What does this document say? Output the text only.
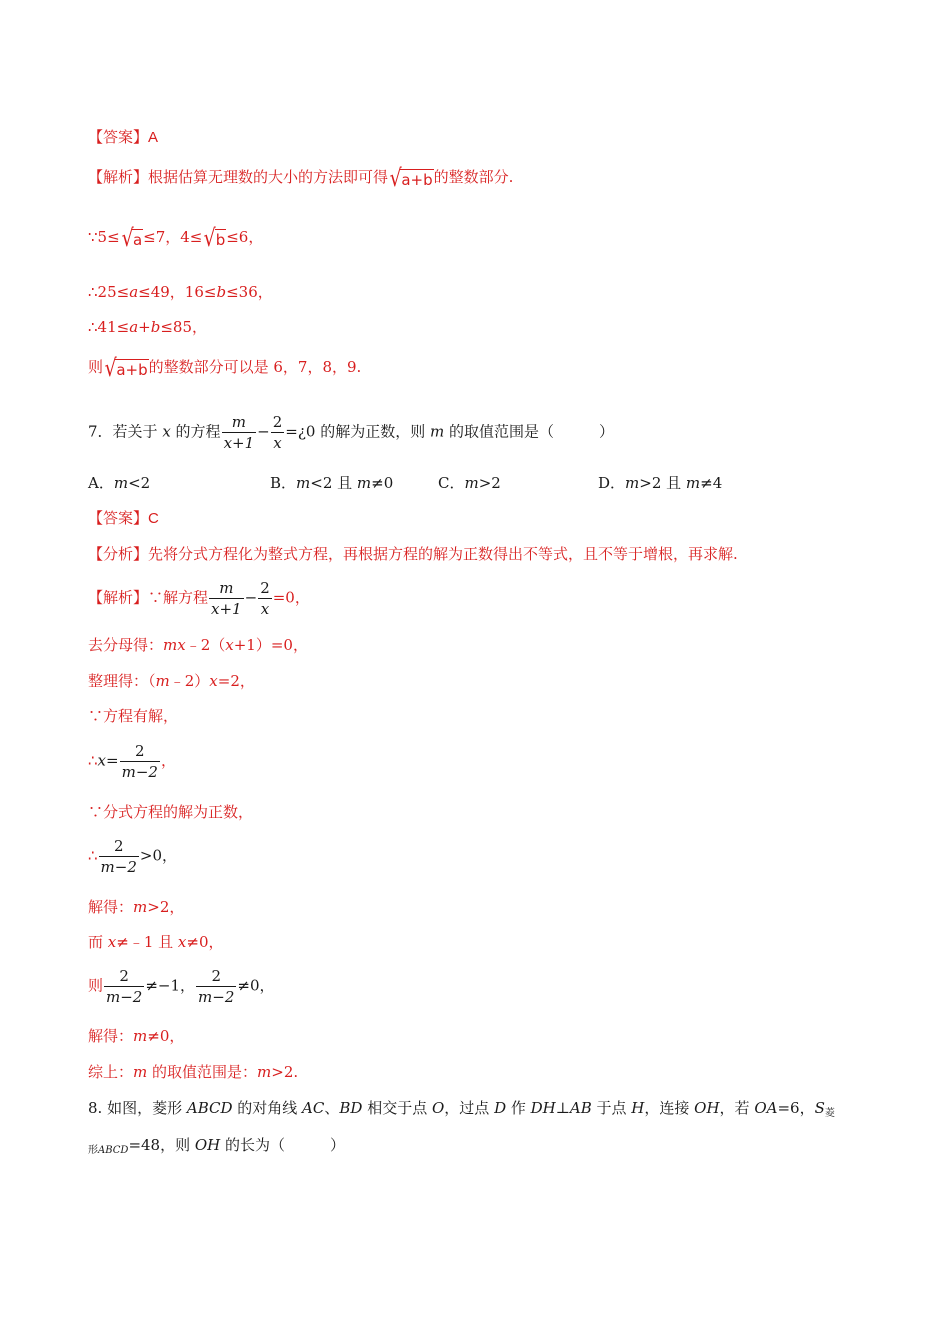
【答案】A
【解析】根据估算无理数的大小的方法即可得√a+b的整数部分.
∵5≤√a≤7，4≤√b≤6，
∴25≤a≤49，16≤b≤36，
∴41≤a+b≤85，
则√a+b的整数部分可以是 6，7，8，9.
7．若关于 x 的方程 $\frac{m}{x+1} - \frac{2}{x}$ =¿0 的解为正数，则 m 的取值范围是（　　　）
A．m<2	B．m<2 且 m≠0	C．m>2	D．m>2 且 m≠4
【答案】C
【分析】先将分式方程化为整式方程，再根据方程的解为正数得出不等式，且不等于增根，再求解.
【解析】∵解方程 $\frac{m}{x+1} - \frac{2}{x} =0$，
去分母得：mx﹣2（x+1）=0，
整理得：（m﹣2）x=2，
∵方程有解，
∴x= $\frac{2}{m-2}$ ，
∵分式方程的解为正数，
∴ $\frac{2}{m-2} >0$，
解得：m>2，
而 x≠﹣1 且 x≠0，
则 $\frac{2}{m-2} \ne-1$， $\frac{2}{m-2} \ne 0$，
解得：m≠0，
综上：m 的取值范围是：m>2.
8. 如图，菱形 ABCD 的对角线 AC、BD 相交于点 O，过点 D 作 DH⊥AB 于点 H，连接 OH，若 OA=6，$S_菱$
$_{形ABCD}$=48，则 OH 的长为（　　　）
